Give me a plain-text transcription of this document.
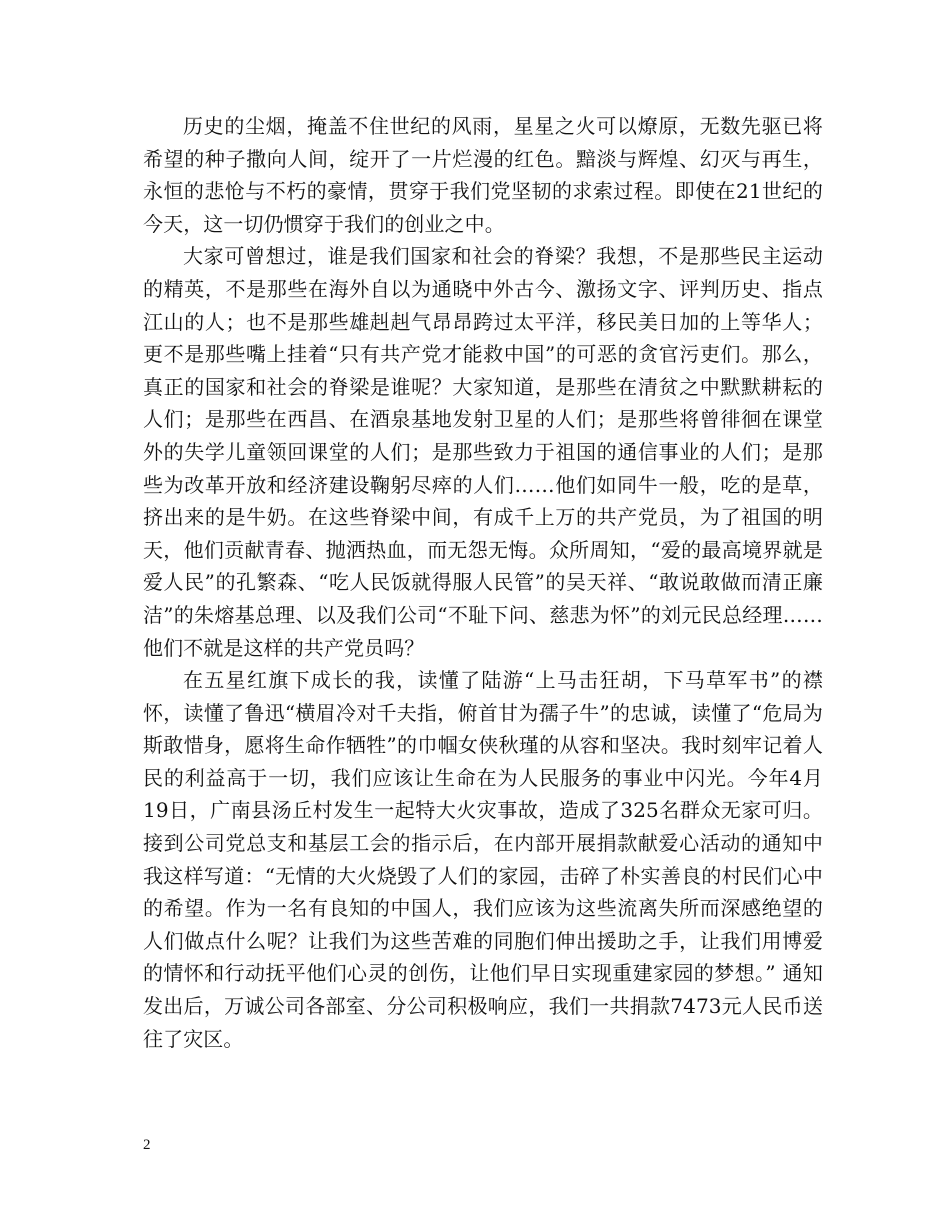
历史的尘烟，掩盖不住世纪的风雨，星星之火可以燎原，无数先驱已将希望的种子撒向人间，绽开了一片烂漫的红色。黯淡与辉煌、幻灭与再生，永恒的悲怆与不朽的豪情，贯穿于我们党坚韧的求索过程。即使在21世纪的今天，这一切仍惯穿于我们的创业之中。

大家可曾想过，谁是我们国家和社会的脊梁？我想，不是那些民主运动的精英，不是那些在海外自以为通晓中外古今、激扬文字、评判历史、指点江山的人；也不是那些雄赳赳气昂昂跨过太平洋，移民美日加的上等华人；更不是那些嘴上挂着“只有共产党才能救中国”的可恶的贪官污吏们。那么，真正的国家和社会的脊梁是谁呢？大家知道，是那些在清贫之中默默耕耘的人们；是那些在西昌、在酒泉基地发射卫星的人们；是那些将曾徘徊在课堂外的失学儿童领回课堂的人们；是那些致力于祖国的通信事业的人们；是那些为改革开放和经济建设鞠躬尽瘁的人们……他们如同牛一般，吃的是草，挤出来的是牛奶。在这些脊梁中间，有成千上万的共产党员，为了祖国的明天，他们贡献青春、抛洒热血，而无怨无悔。众所周知，“爱的最高境界就是爱人民”的孔繁森、“吃人民饭就得服人民管”的吴天祥、“敢说敢做而清正廉洁”的朱熔基总理、以及我们公司“不耻下问、慈悲为怀”的刘元民总经理……他们不就是这样的共产党员吗？

在五星红旗下成长的我，读懂了陆游“上马击狂胡，下马草军书”的襟怀，读懂了鲁迅“横眉冷对千夫指，俯首甘为孺子牛”的忠诚，读懂了“危局为斯敢惜身，愿将生命作牺牲”的巾帼女侠秋瑾的从容和坚决。我时刻牢记着人民的利益高于一切，我们应该让生命在为人民服务的事业中闪光。今年4月19日，广南县汤丘村发生一起特大火灾事故，造成了325名群众无家可归。接到公司党总支和基层工会的指示后，在内部开展捐款献爱心活动的通知中我这样写道：“无情的大火烧毁了人们的家园，击碎了朴实善良的村民们心中的希望。作为一名有良知的中国人，我们应该为这些流离失所而深感绝望的人们做点什么呢？让我们为这些苦难的同胞们伸出援助之手，让我们用博爱的情怀和行动抚平他们心灵的创伤，让他们早日实现重建家园的梦想。” 通知发出后，万诚公司各部室、分公司积极响应，我们一共捐款7473元人民币送往了灾区。

2
